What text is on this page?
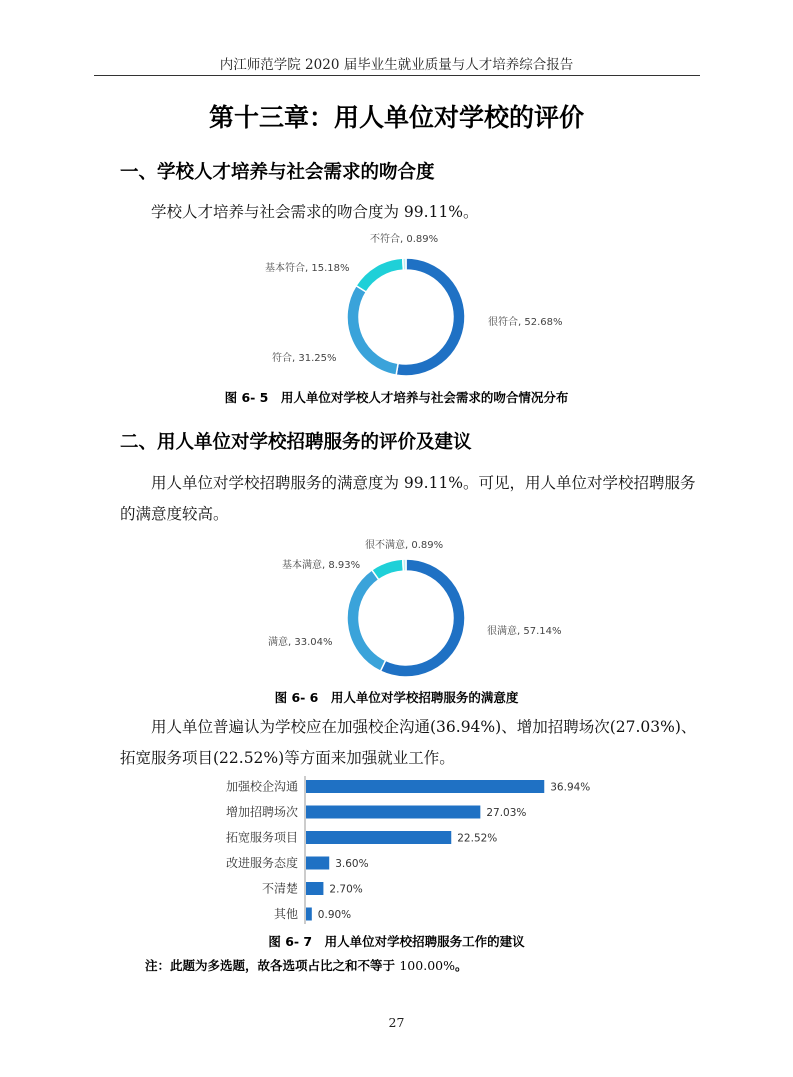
内江师范学院 2020 届毕业生就业质量与人才培养综合报告
第十三章：用人单位对学校的评价
一、学校人才培养与社会需求的吻合度
学校人才培养与社会需求的吻合度为 99.11%。
不符合, 0.89%
基本符合, 15.18%
很符合, 52.68%
符合, 31.25%
图 6- 5　用人单位对学校人才培养与社会需求的吻合情况分布
二、用人单位对学校招聘服务的评价及建议
用人单位对学校招聘服务的满意度为 99.11%。可见，用人单位对学校招聘服务的满意度较高。
很不满意, 0.89%
基本满意, 8.93%
很满意, 57.14%
满意, 33.04%
图 6- 6　用人单位对学校招聘服务的满意度
用人单位普遍认为学校应在加强校企沟通(36.94%)、增加招聘场次(27.03%)、拓宽服务项目(22.52%)等方面来加强就业工作。
加强校企沟通	36.94%
增加招聘场次	27.03%
拓宽服务项目	22.52%
改进服务态度	3.60%
不清楚	2.70%
其他 0.90%
图 6- 7　用人单位对学校招聘服务工作的建议
注：此题为多选题，故各选项占比之和不等于 100.00%。
27
